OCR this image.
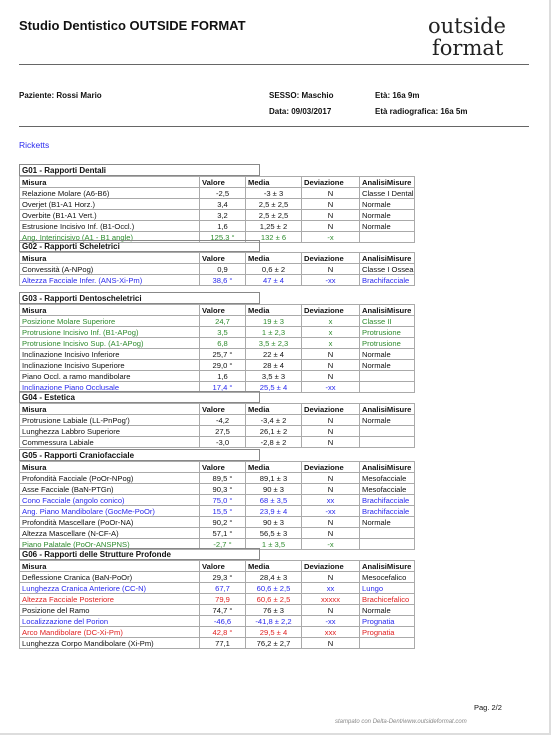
Studio Dentistico OUTSIDE FORMAT	outside
format
Paziente: Rossi Mario	SESSO: Maschio	Età: 16a 9m
Data: 09/03/2017	Età radiografica: 16a 5m
Ricketts
G01 - Rapporti Dentali
Misura	Valore	Media	Deviazione	AnalisiMisure
Relazione Molare (A6-B6)	-2,5	-3 ± 3	N	Classe I Dental
Overjet (B1-A1 Horz.)	3,4	2,5 ± 2,5	N	Normale
Overbite (B1-A1 Vert.)	3,2	2,5 ± 2,5	N	Normale
Estrusione Incisivo Inf. (B1-Occl.)	1,6	1,25 ± 2	N	Normale
Ang. Interincisivo (A1 - B1 angle)	125,3 °	132 ± 6	-x	
G02 - Rapporti Scheletrici
Misura	Valore	Media	Deviazione	AnalisiMisure
Convessità (A-NPog)	0,9	0,6 ± 2	N	Classe I Ossea
Altezza Facciale Infer. (ANS-Xi-Pm)	38,6 °	47 ± 4	-xx	Brachifacciale
G03 - Rapporti Dentoscheletrici
Misura	Valore	Media	Deviazione	AnalisiMisure
Posizione Molare Superiore	24,7	19 ± 3	x	Classe II
Protrusione Incisivo Inf. (B1-APog)	3,5	1 ± 2,3	x	Protrusione
Protrusione Incisivo Sup. (A1-APog)	6,8	3,5 ± 2,3	x	Protrusione
Inclinazione Incisivo Inferiore	25,7 °	22 ± 4	N	Normale
Inclinazione Incisivo Superiore	29,0 °	28 ± 4	N	Normale
Piano Occl. a ramo mandibolare	1,6	3,5 ± 3	N	
Inclinazione Piano Occlusale	17,4 °	25,5 ± 4	-xx	
G04 - Estetica
Misura	Valore	Media	Deviazione	AnalisiMisure
Protrusione Labiale (LL-PnPog')	-4,2	-3,4 ± 2	N	Normale
Lunghezza Labbro Superiore	27,5	26,1 ± 2	N	
Commessura Labiale	-3,0	-2,8 ± 2	N	
G05 - Rapporti Craniofacciale
Misura	Valore	Media	Deviazione	AnalisiMisure
Profondità Facciale (PoOr-NPog)	89,5 °	89,1 ± 3	N	Mesofacciale
Asse Facciale (BaN-PTGn)	90,3 °	90 ± 3	N	Mesofacciale
Cono Facciale (angolo conico)	75,0 °	68 ± 3,5	xx	Brachifacciale
Ang. Piano Mandibolare (GocMe-PoOr)	15,5 °	23,9 ± 4	-xx	Brachifacciale
Profondità Mascellare (PoOr-NA)	90,2 °	90 ± 3	N	Normale
Altezza Mascellare (N-CF-A)	57,1 °	56,5 ± 3	N	
Piano Palatale (PoOr-ANSPNS)	-2,7 °	1 ± 3,5	-x	
G06 - Rapporti delle Strutture Profonde
Misura	Valore	Media	Deviazione	AnalisiMisure
Deflessione Cranica (BaN-PoOr)	29,3 °	28,4 ± 3	N	Mesocefalico
Lunghezza Cranica Anteriore (CC-N)	67,7	60,6 ± 2,5	xx	Lungo
Altezza Facciale Posteriore	79,9	60,6 ± 2,5	xxxxx	Brachicefalico
Posizione del Ramo	74,7 °	76 ± 3	N	Normale
Localizzazione del Porion	-46,6	-41,8 ± 2,2	-xx	Prognatia
Arco Mandibolare (DC-Xi-Pm)	42,8 °	29,5 ± 4	xxx	Prognatia
Lunghezza Corpo Mandibolare (Xi-Pm)	77,1	76,2 ± 2,7	N	
Pag. 2/2
stampato con Delta-Dent/www.outsideformat.com
